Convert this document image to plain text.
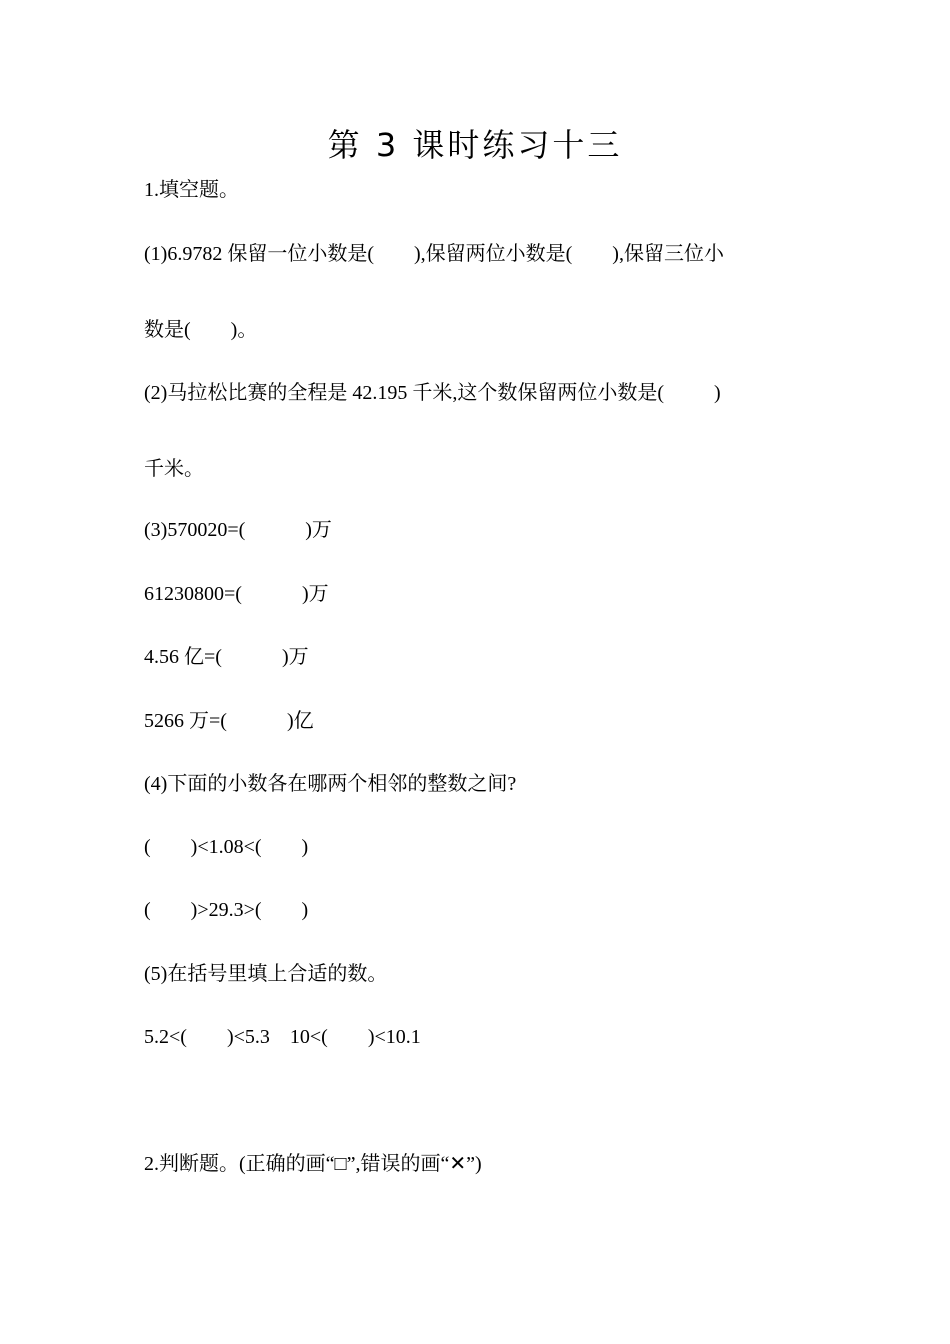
第 3 课时练习十三
1.填空题。
(1)6.9782 保留一位小数是(        ),保留两位小数是(        ),保留三位小
数是(        )。
(2)马拉松比赛的全程是 42.195 千米,这个数保留两位小数是(          )
千米。
(3)570020=(            )万
61230800=(            )万
4.56 亿=(            )万
5266 万=(            )亿
(4)下面的小数各在哪两个相邻的整数之间?
(        )<1.08<(        )
(        )>29.3>(        )
(5)在括号里填上合适的数。
5.2<(        )<5.3    10<(        )<10.1
2.判断题。(正确的画“□”,错误的画“✕”)
